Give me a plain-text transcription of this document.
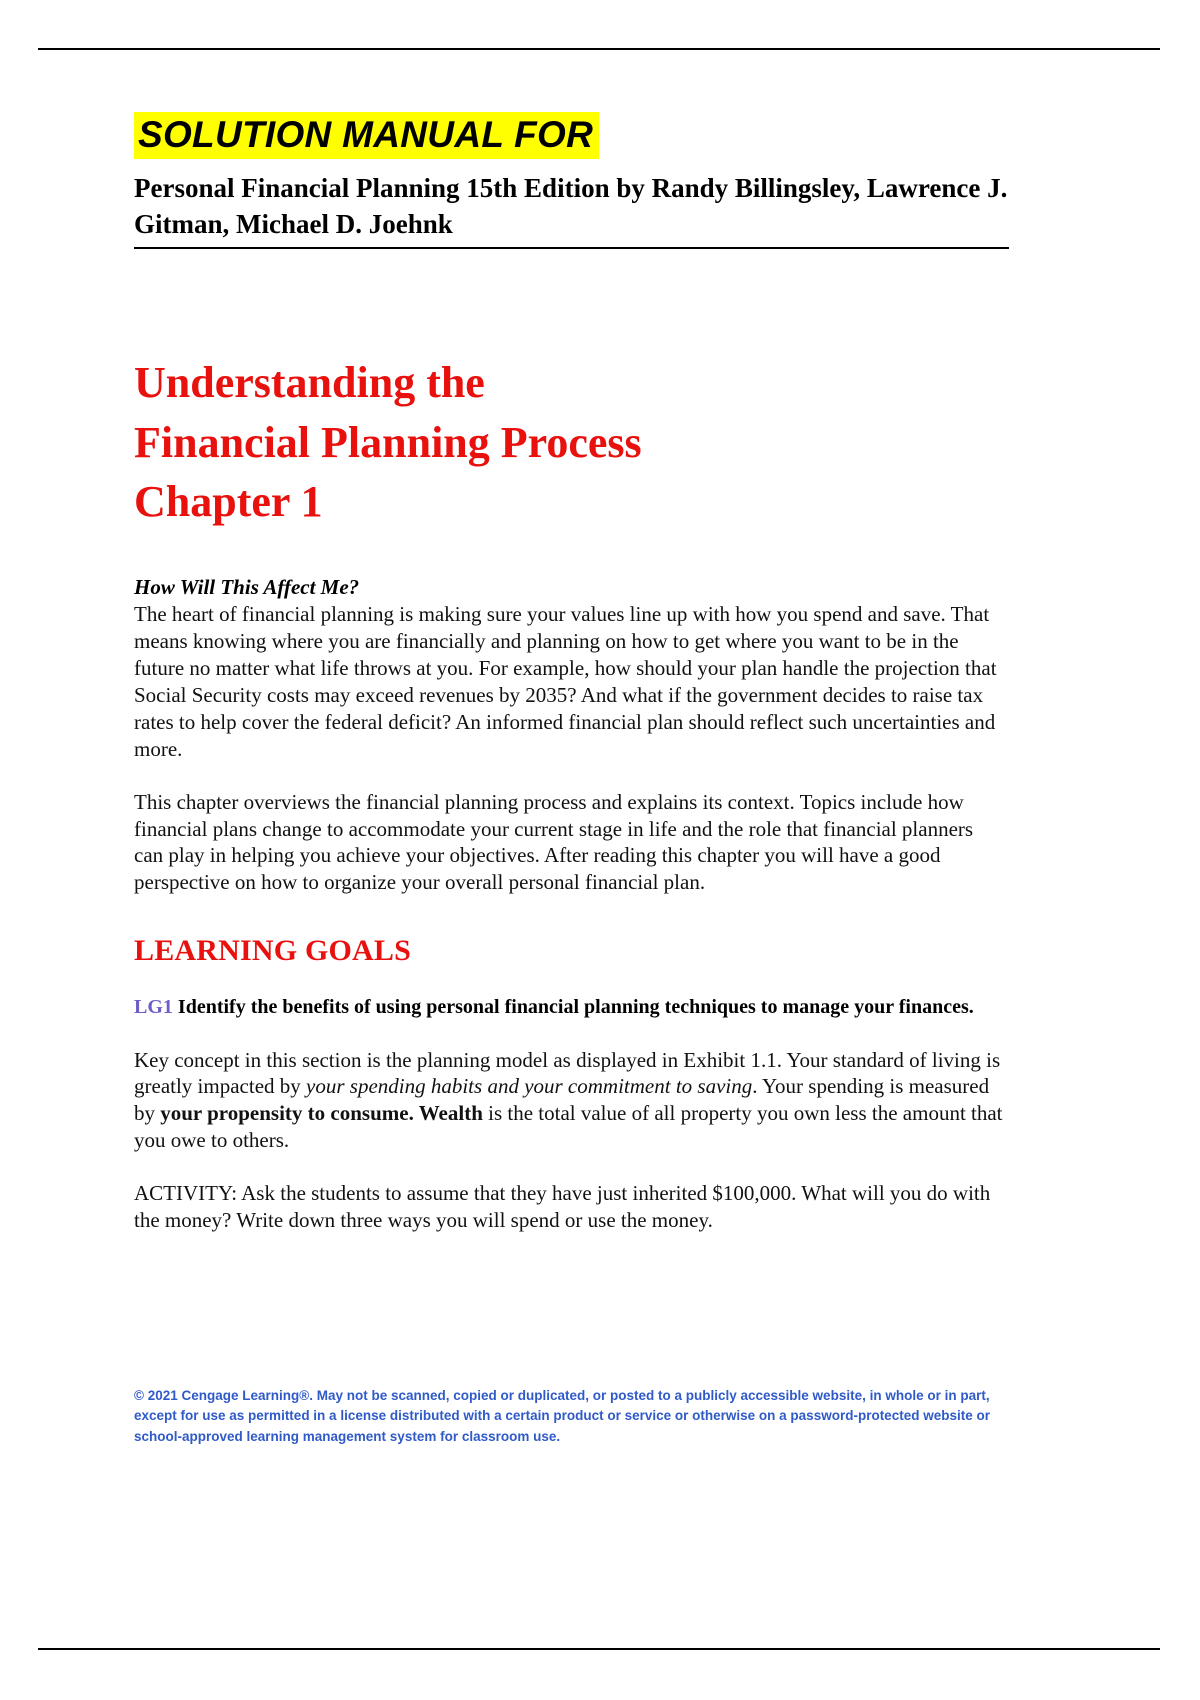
SOLUTION MANUAL FOR
Personal Financial Planning 15th Edition by Randy Billingsley, Lawrence J. Gitman, Michael D. Joehnk
Understanding the
Financial Planning Process
Chapter 1
How Will This Affect Me?

The heart of financial planning is making sure your values line up with how you spend and save. That means knowing where you are financially and planning on how to get where you want to be in the future no matter what life throws at you. For example, how should your plan handle the projection that Social Security costs may exceed revenues by 2035? And what if the government decides to raise tax rates to help cover the federal deficit? An informed financial plan should reflect such uncertainties and more.

This chapter overviews the financial planning process and explains its context. Topics include how financial plans change to accommodate your current stage in life and the role that financial planners can play in helping you achieve your objectives. After reading this chapter you will have a good perspective on how to organize your overall personal financial plan.

LEARNING GOALS
LG1 Identify the benefits of using personal financial planning techniques to manage your finances.

Key concept in this section is the planning model as displayed in Exhibit 1.1. Your standard of living is greatly impacted by your spending habits and your commitment to saving. Your spending is measured by your propensity to consume. Wealth is the total value of all property you own less the amount that you owe to others.

ACTIVITY: Ask the students to assume that they have just inherited $100,000. What will you do with the money? Write down three ways you will spend or use the money.

© 2021 Cengage Learning®. May not be scanned, copied or duplicated, or posted to a publicly accessible website, in whole or in part, except for use as permitted in a license distributed with a certain product or service or otherwise on a password-protected website or school-approved learning management system for classroom use.
